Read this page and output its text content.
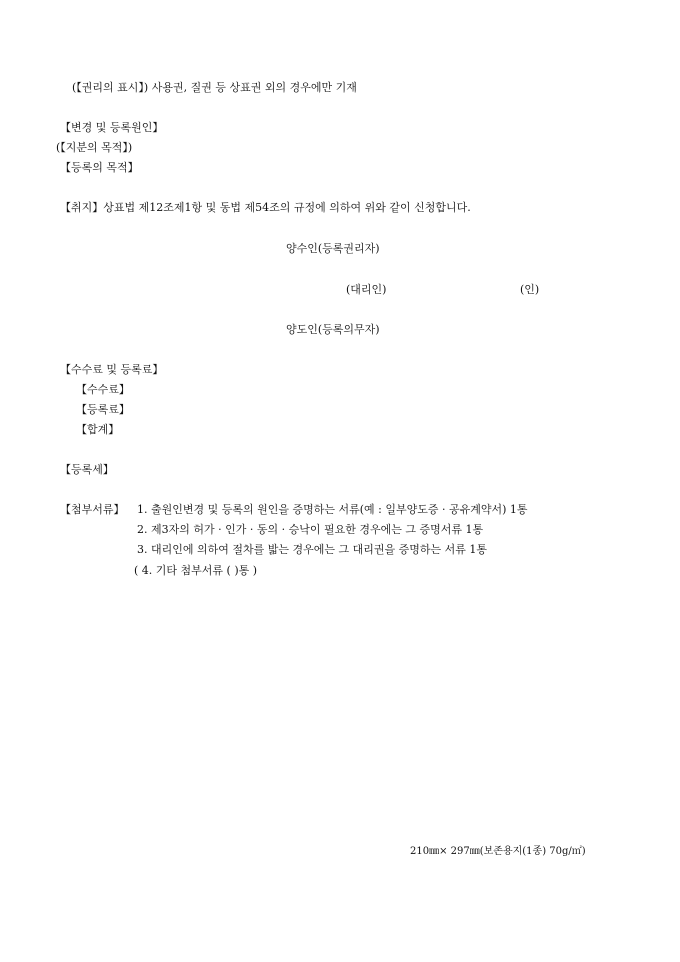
(【권리의 표시】) 사용권, 질권 등 상표권 외의 경우에만 기재
【변경 및 등록원인】
(【지분의 목적】)
【등록의 목적】
【취지】상표법 제12조제1항 및 동법 제54조의 규정에 의하여 위와 같이 신청합니다.
양수인(등록권리자)
(대리인)	(인)
양도인(등록의무자)
【수수료 및 등록료】
【수수료】
【등록료】
【합계】
【등록세】
【첨부서류】 1. 출원인변경 및 등록의 원인을 증명하는 서류(예 : 일부양도증 · 공유계약서) 1통
2. 제3자의 허가 · 인가 · 동의 · 승낙이 필요한 경우에는 그 증명서류 1통
3. 대리인에 의하여 절차를 밟는 경우에는 그 대리권을 증명하는 서류 1통
( 4. 기타 첨부서류 ( )통 )
210㎜× 297㎜(보존용지(1종) 70g/㎡)
